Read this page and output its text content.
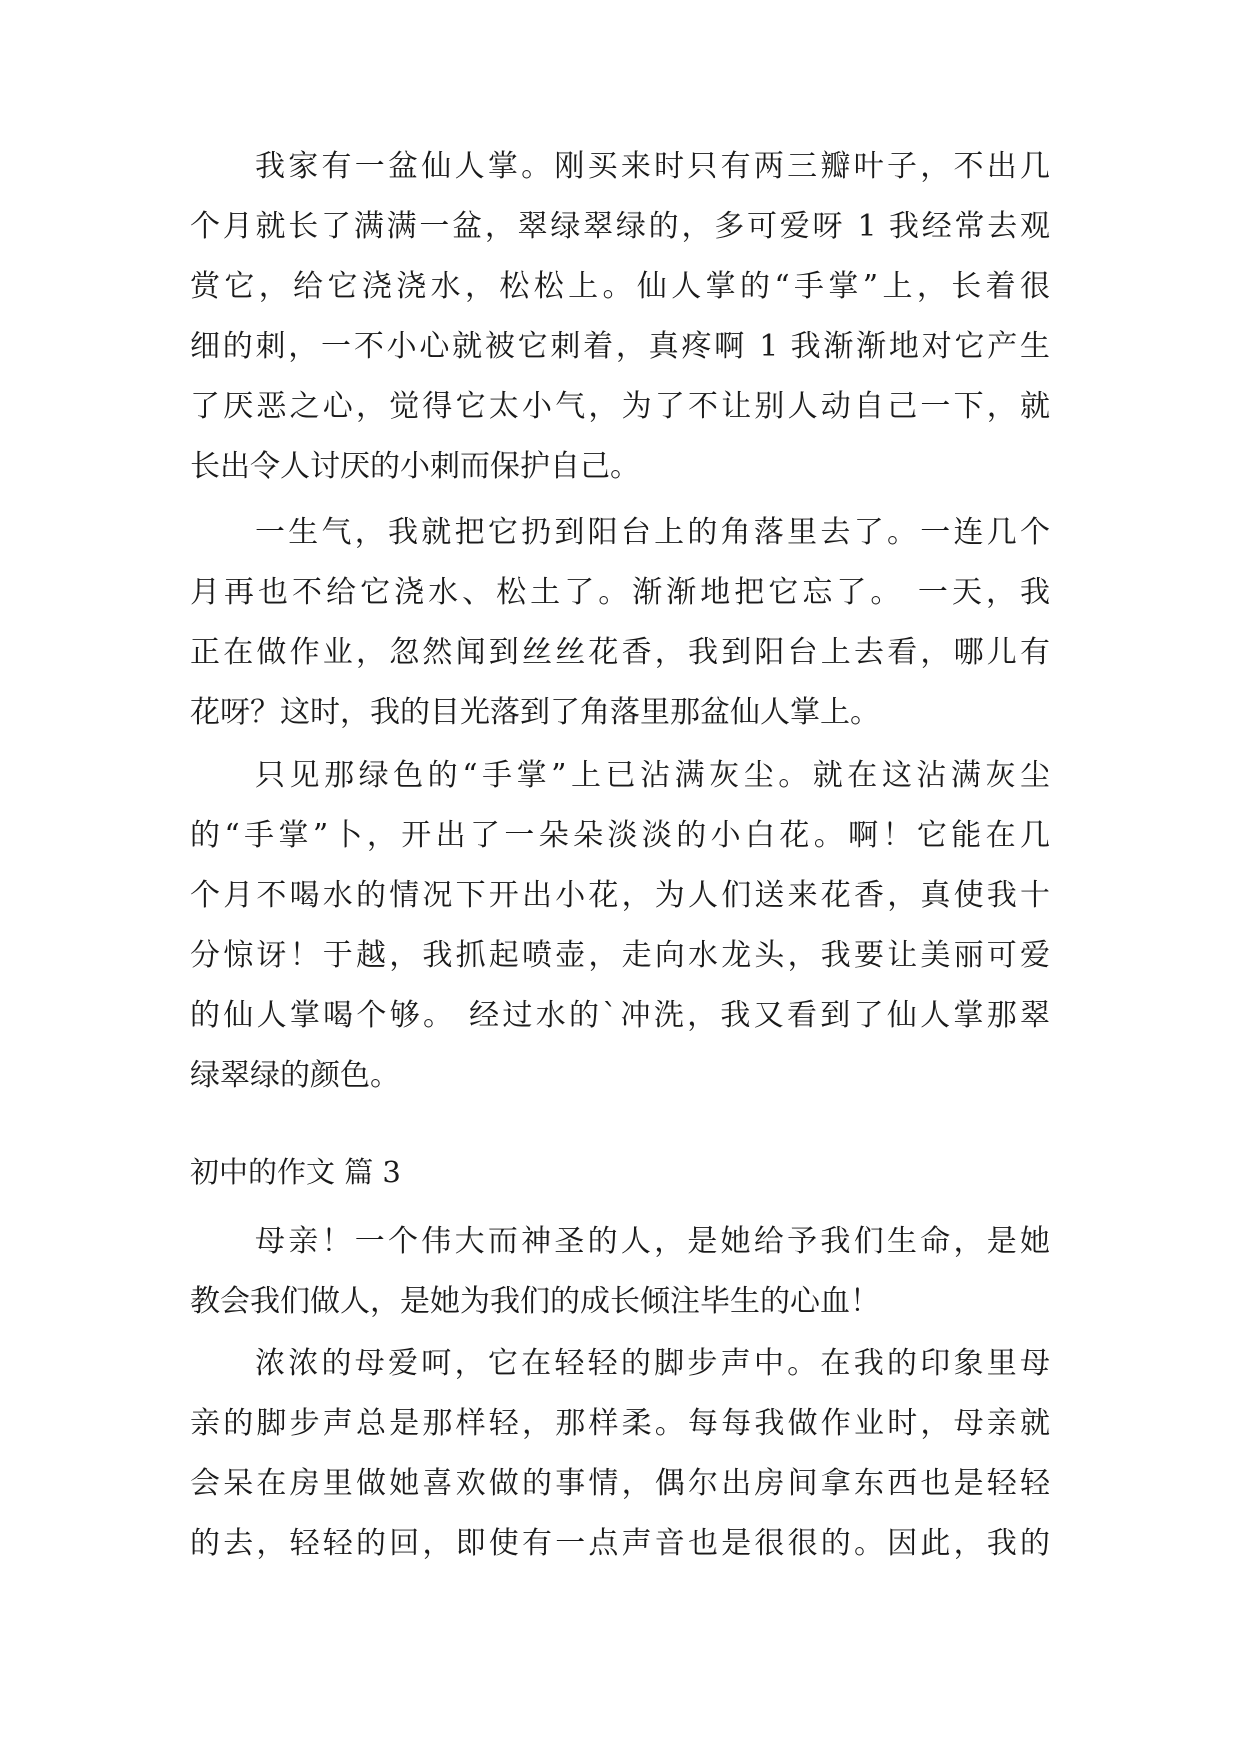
我家有一盆仙人掌。刚买来时只有两三瓣叶子，不出几
个月就长了满满一盆，翠绿翠绿的，多可爱呀 1 我经常去观
赏它，给它浇浇水，松松上。仙人掌的“手掌”上，长着很
细的刺，一不小心就被它刺着，真疼啊 1 我渐渐地对它产生
了厌恶之心，觉得它太小气，为了不让别人动自己一下，就
长出令人讨厌的小刺而保护自己。
一生气，我就把它扔到阳台上的角落里去了。一连几个
月再也不给它浇水、松土了。渐渐地把它忘了。 一天，我
正在做作业，忽然闻到丝丝花香，我到阳台上去看，哪儿有
花呀？这时，我的目光落到了角落里那盆仙人掌上。
只见那绿色的“手掌”上已沾满灰尘。就在这沾满灰尘
的“手掌”卜，开出了一朵朵淡淡的小白花。啊！它能在几
个月不喝水的情况下开出小花，为人们送来花香，真使我十
分惊讶！于越，我抓起喷壶，走向水龙头，我要让美丽可爱
的仙人掌喝个够。 经过水的`冲洗，我又看到了仙人掌那翠
绿翠绿的颜色。
初中的作文 篇 3
母亲！一个伟大而神圣的人，是她给予我们生命，是她
教会我们做人，是她为我们的成长倾注毕生的心血！
浓浓的母爱呵，它在轻轻的脚步声中。在我的印象里母
亲的脚步声总是那样轻，那样柔。每每我做作业时，母亲就
会呆在房里做她喜欢做的事情，偶尔出房间拿东西也是轻轻
的去，轻轻的回，即使有一点声音也是很很的。因此，我的
